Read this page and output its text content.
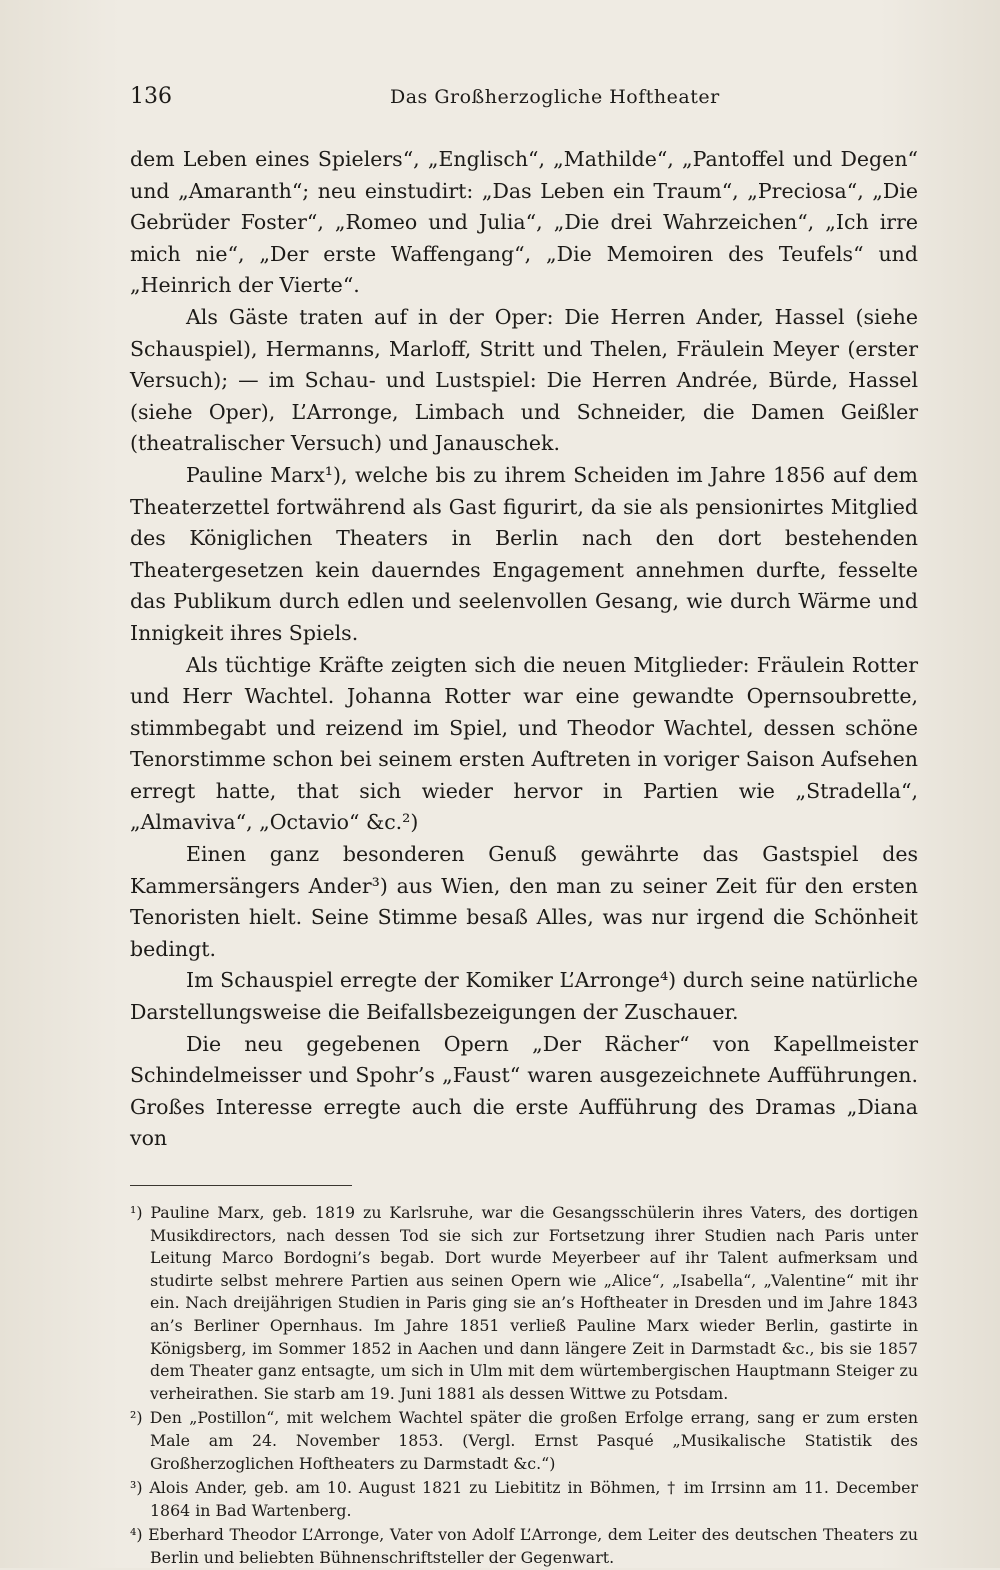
136	Das Großherzogliche Hoftheater

dem Leben eines Spielers“, „Englisch“, „Mathilde“, „Pantoffel und Degen“ und „Amaranth“; neu einstudirt: „Das Leben ein Traum“, „Preciosa“, „Die Gebrüder Foster“, „Romeo und Julia“, „Die drei Wahrzeichen“, „Ich irre mich nie“, „Der erste Waffengang“, „Die Memoiren des Teufels“ und „Heinrich der Vierte“.

Als Gäste traten auf in der Oper: Die Herren Ander, Hassel (siehe Schauspiel), Hermanns, Marloff, Stritt und Thelen, Fräulein Meyer (erster Versuch); — im Schau- und Lustspiel: Die Herren Andrée, Bürde, Hassel (siehe Oper), L’Arronge, Limbach und Schneider, die Damen Geißler (theatralischer Versuch) und Janauschek.

Pauline Marx¹), welche bis zu ihrem Scheiden im Jahre 1856 auf dem Theaterzettel fortwährend als Gast figurirt, da sie als pensionirtes Mitglied des Königlichen Theaters in Berlin nach den dort bestehenden Theatergesetzen kein dauerndes Engagement annehmen durfte, fesselte das Publikum durch edlen und seelenvollen Gesang, wie durch Wärme und Innigkeit ihres Spiels.

Als tüchtige Kräfte zeigten sich die neuen Mitglieder: Fräulein Rotter und Herr Wachtel. Johanna Rotter war eine gewandte Opernsoubrette, stimmbegabt und reizend im Spiel, und Theodor Wachtel, dessen schöne Tenorstimme schon bei seinem ersten Auftreten in voriger Saison Aufsehen erregt hatte, that sich wieder hervor in Partien wie „Stradella“, „Almaviva“, „Octavio“ &c.²)

Einen ganz besonderen Genuß gewährte das Gastspiel des Kammersängers Ander³) aus Wien, den man zu seiner Zeit für den ersten Tenoristen hielt. Seine Stimme besaß Alles, was nur irgend die Schönheit bedingt.

Im Schauspiel erregte der Komiker L’Arronge⁴) durch seine natürliche Darstellungsweise die Beifallsbezeigungen der Zuschauer.

Die neu gegebenen Opern „Der Rächer“ von Kapellmeister Schindelmeisser und Spohr’s „Faust“ waren ausgezeichnete Aufführungen. Großes Interesse erregte auch die erste Aufführung des Dramas „Diana von

¹) Pauline Marx, geb. 1819 zu Karlsruhe, war die Gesangsschülerin ihres Vaters, des dortigen Musikdirectors, nach dessen Tod sie sich zur Fortsetzung ihrer Studien nach Paris unter Leitung Marco Bordogni’s begab. Dort wurde Meyerbeer auf ihr Talent aufmerksam und studirte selbst mehrere Partien aus seinen Opern wie „Alice“, „Isabella“, „Valentine“ mit ihr ein. Nach dreijährigen Studien in Paris ging sie an’s Hoftheater in Dresden und im Jahre 1843 an’s Berliner Opernhaus. Im Jahre 1851 verließ Pauline Marx wieder Berlin, gastirte in Königsberg, im Sommer 1852 in Aachen und dann längere Zeit in Darmstadt &c., bis sie 1857 dem Theater ganz entsagte, um sich in Ulm mit dem würtembergischen Hauptmann Steiger zu verheirathen. Sie starb am 19. Juni 1881 als dessen Wittwe zu Potsdam.

²) Den „Postillon“, mit welchem Wachtel später die großen Erfolge errang, sang er zum ersten Male am 24. November 1853. (Vergl. Ernst Pasqué „Musikalische Statistik des Großherzoglichen Hoftheaters zu Darmstadt &c.“)

³) Alois Ander, geb. am 10. August 1821 zu Liebititz in Böhmen, † im Irrsinn am 11. December 1864 in Bad Wartenberg.

⁴) Eberhard Theodor L’Arronge, Vater von Adolf L’Arronge, dem Leiter des deutschen Theaters zu Berlin und beliebten Bühnenschriftsteller der Gegenwart.
